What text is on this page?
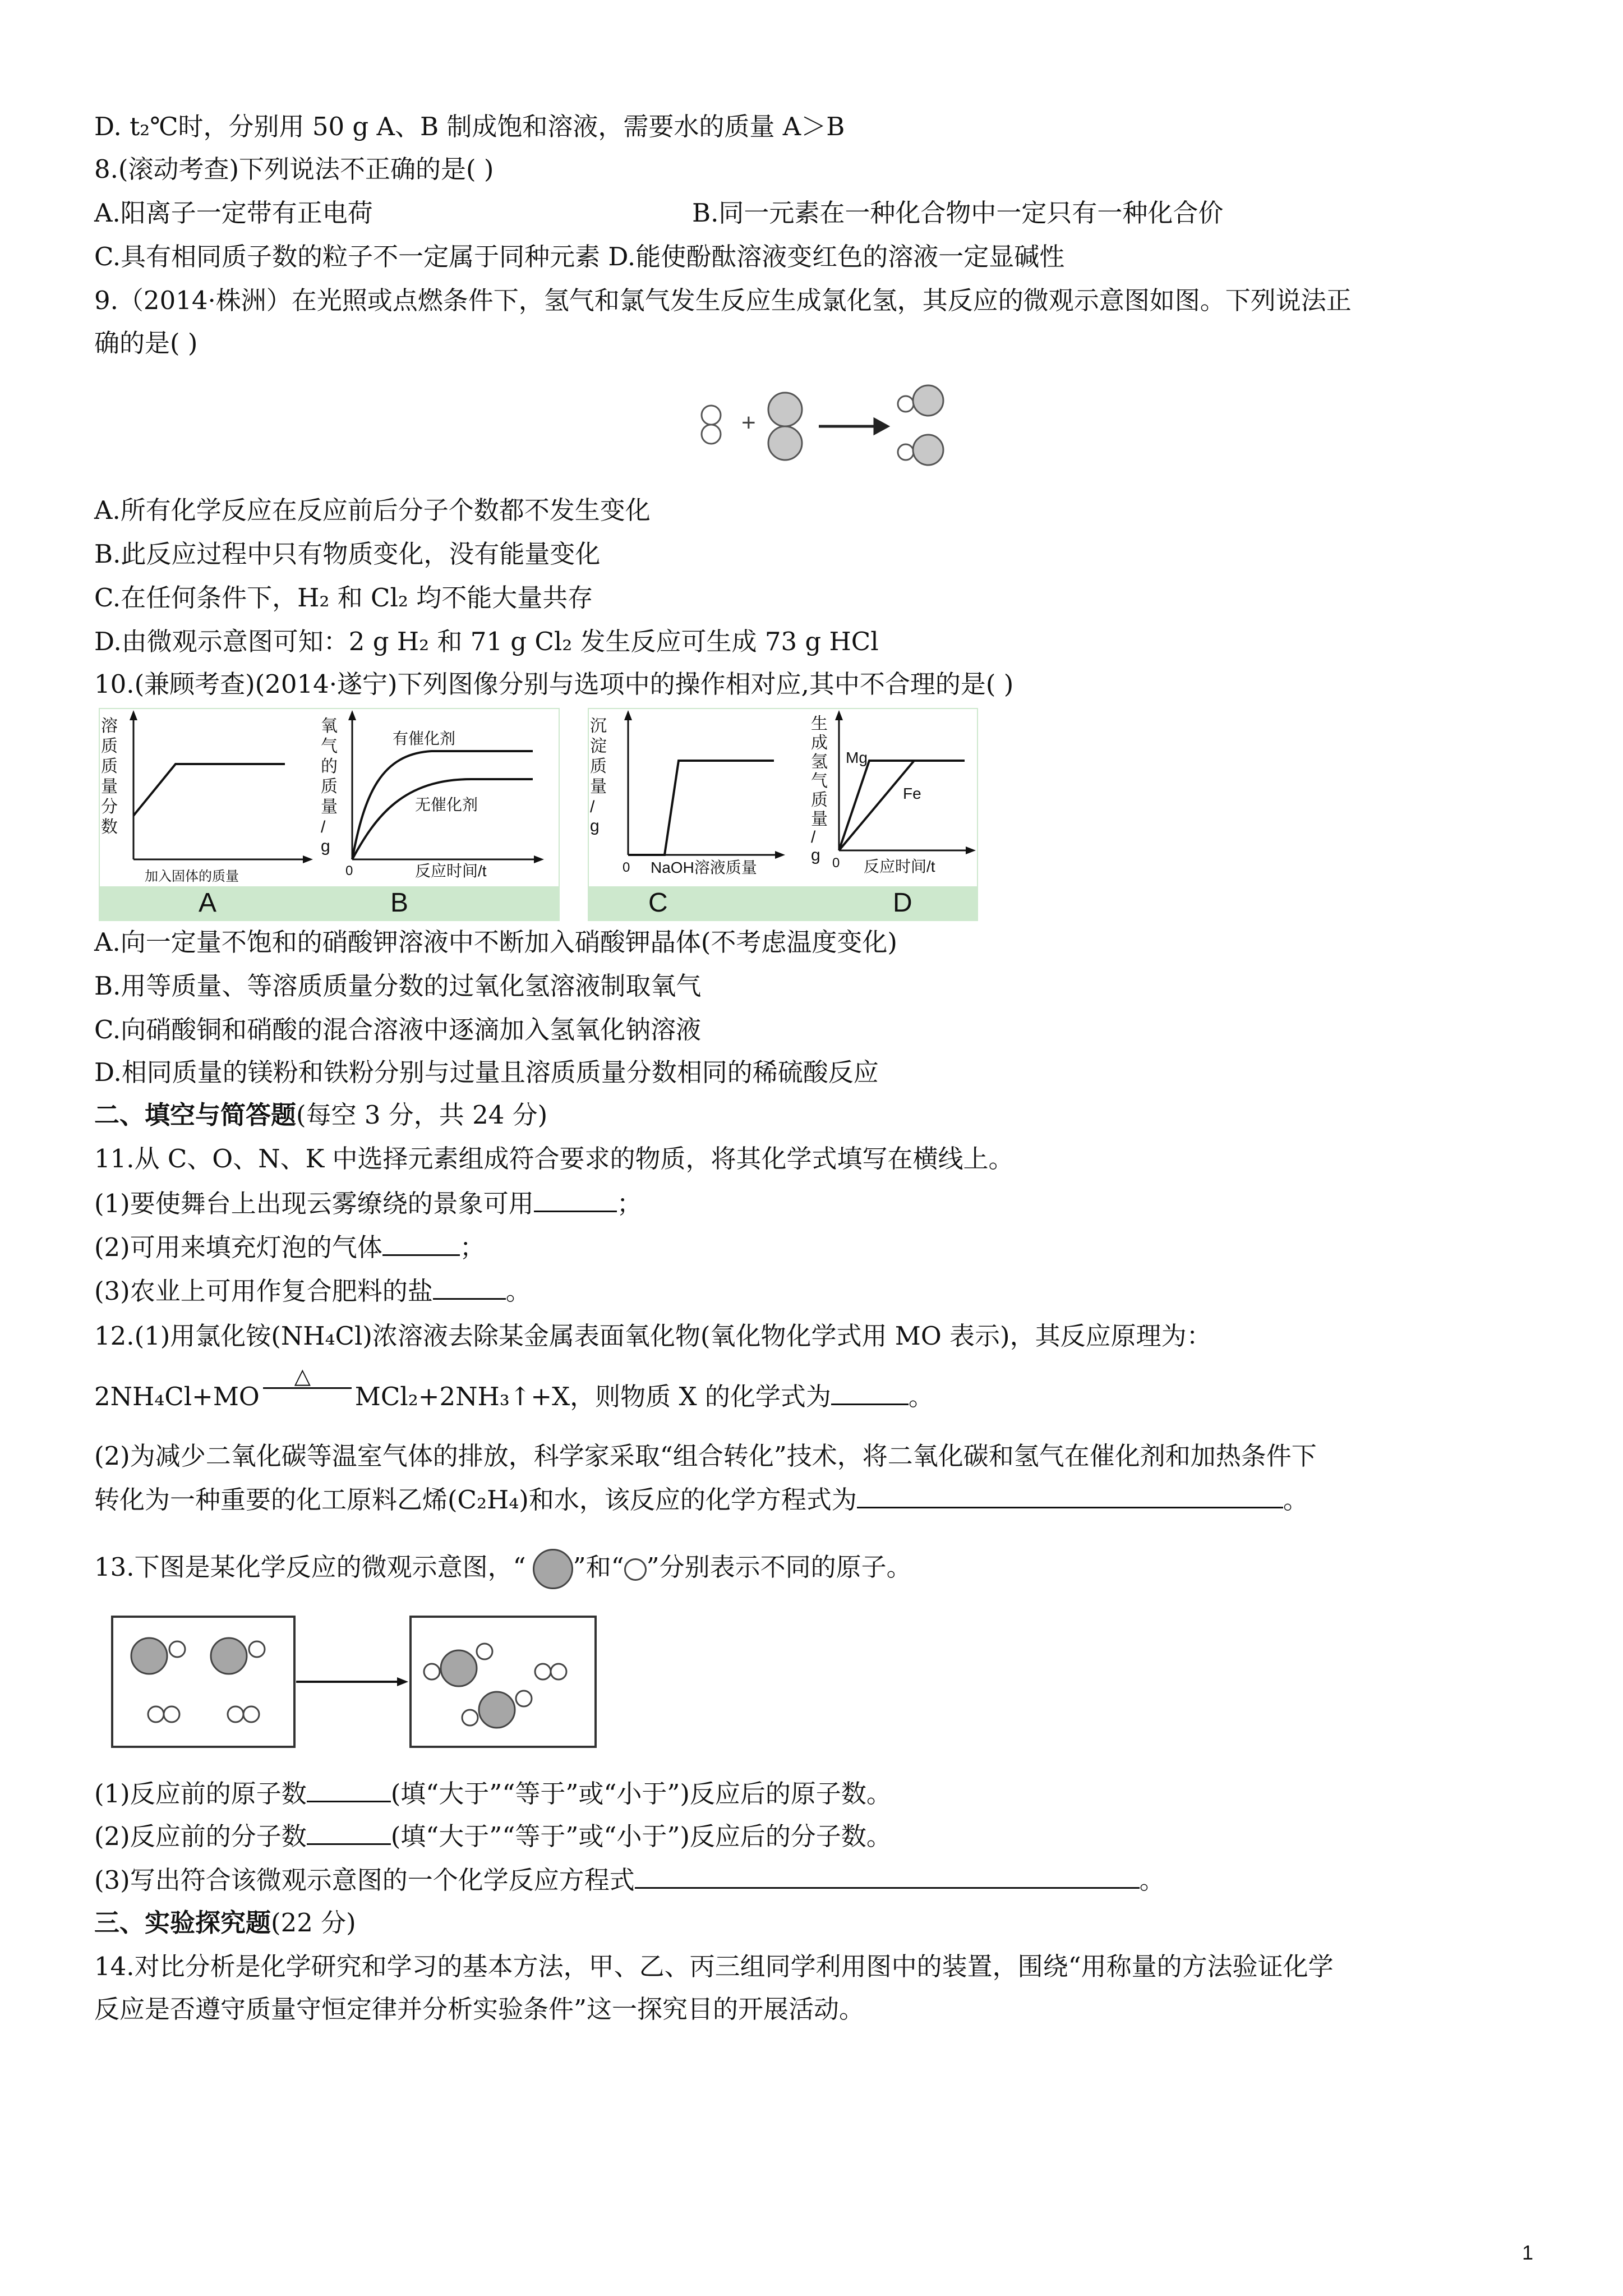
D. t₂℃时，分别用 50 g A、B 制成饱和溶液，需要水的质量 A＞B
8.(滚动考查)下列说法不正确的是( )
A.阳离子一定带有正电荷	B.同一元素在一种化合物中一定只有一种化合价
C.具有相同质子数的粒子不一定属于同种元素 D.能使酚酞溶液变红色的溶液一定显碱性
9.（2014·株洲）在光照或点燃条件下，氢气和氯气发生反应生成氯化氢，其反应的微观示意图如图。下列说法正
确的是( )
+
A.所有化学反应在反应前后分子个数都不发生变化
B.此反应过程中只有物质变化，没有能量变化
C.在任何条件下，H₂ 和 Cl₂ 均不能大量共存
D.由微观示意图可知：2 g H₂ 和 71 g Cl₂ 发生反应可生成 73 g HCl
10.(兼顾考查)(2014·遂宁)下列图像分别与选项中的操作相对应,其中不合理的是( )
溶质质量分数
加入固体的质量
氧气的质量/ g
有催化剂
无催化剂
0	反应时间/t
A	B
沉淀质量/ g
0 NaOH溶液质量
生成氢气质量/ g
Mg
Fe
0 反应时间/t
C	D
A.向一定量不饱和的硝酸钾溶液中不断加入硝酸钾晶体(不考虑温度变化)
B.用等质量、等溶质质量分数的过氧化氢溶液制取氧气
C.向硝酸铜和硝酸的混合溶液中逐滴加入氢氧化钠溶液
D.相同质量的镁粉和铁粉分别与过量且溶质质量分数相同的稀硫酸反应
二、填空与简答题(每空 3 分，共 24 分)
11.从 C、O、N、K 中选择元素组成符合要求的物质，将其化学式填写在横线上。
(1)要使舞台上出现云雾缭绕的景象可用	；
(2)可用来填充灯泡的气体	；
(3)农业上可用作复合肥料的盐	。
12.(1)用氯化铵(NH₄Cl)浓溶液去除某金属表面氧化物(氧化物化学式用 MO 表示)，其反应原理为：
2NH₄Cl+MO
△
MCl₂+2NH₃↑+X，则物质 X 的化学式为	。
(2)为减少二氧化碳等温室气体的排放，科学家采取“组合转化”技术，将二氧化碳和氢气在催化剂和加热条件下
转化为一种重要的化工原料乙烯(C₂H₄)和水，该反应的化学方程式为	。
13.下图是某化学反应的微观示意图，“ ”和“ ”分别表示不同的原子。
(1)反应前的原子数	(填“大于”“等于”或“小于”)反应后的原子数。
(2)反应前的分子数	(填“大于”“等于”或“小于”)反应后的分子数。
(3)写出符合该微观示意图的一个化学反应方程式	。
三、实验探究题(22 分)
14.对比分析是化学研究和学习的基本方法，甲、乙、丙三组同学利用图中的装置，围绕“用称量的方法验证化学
反应是否遵守质量守恒定律并分析实验条件”这一探究目的开展活动。
1
